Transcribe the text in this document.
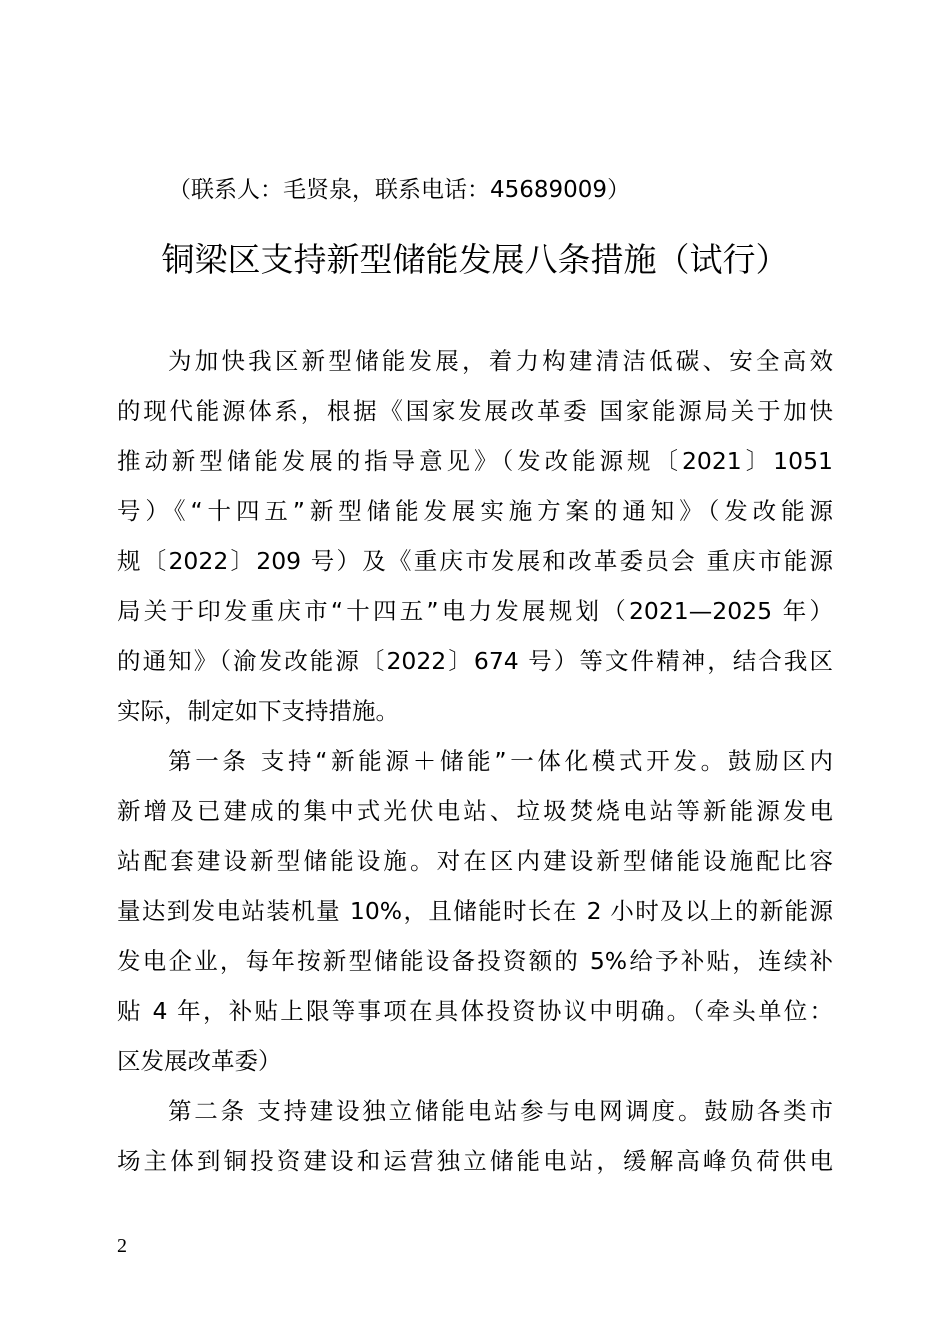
（联系人：毛贤泉，联系电话：45689009）
铜梁区支持新型储能发展八条措施（试行）
为加快我区新型储能发展，着力构建清洁低碳、安全高效
的现代能源体系，根据《国家发展改革委 国家能源局关于加快
推动新型储能发展的指导意见》（发改能源规〔2021〕1051
号）《“十四五”新型储能发展实施方案的通知》（发改能源
规〔2022〕209 号）及《重庆市发展和改革委员会 重庆市能源
局关于印发重庆市“十四五”电力发展规划（2021—2025 年）
的通知》（渝发改能源〔2022〕674 号）等文件精神，结合我区
实际，制定如下支持措施。
第一条 支持“新能源＋储能”一体化模式开发。鼓励区内
新增及已建成的集中式光伏电站、垃圾焚烧电站等新能源发电
站配套建设新型储能设施。对在区内建设新型储能设施配比容
量达到发电站装机量 10%，且储能时长在 2 小时及以上的新能源
发电企业，每年按新型储能设备投资额的 5%给予补贴，连续补
贴 4 年，补贴上限等事项在具体投资协议中明确。（牵头单位：
区发展改革委）
第二条 支持建设独立储能电站参与电网调度。鼓励各类市
场主体到铜投资建设和运营独立储能电站，缓解高峰负荷供电
2
